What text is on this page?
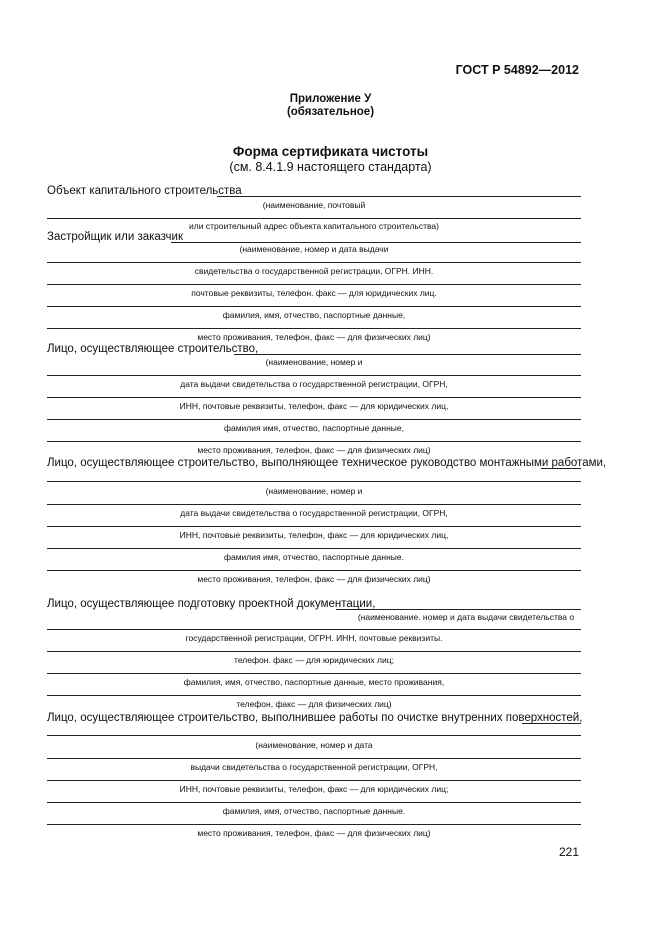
ГОСТ Р 54892—2012
Приложение У
(обязательное)
Форма сертификата чистоты
(см. 8.4.1.9 настоящего стандарта)
Объект капитального строительства
(наименование, почтовый
или строительный адрес объекта капитального строительства)
Застройщик или заказчик
(наименование, номер и дата выдачи
свидетельства о государственной регистрации, ОГРН. ИНН.
почтовые реквизиты, телефон. факс — для юридических лиц.
фамилия, имя, отчество, паспортные данные,
место проживания, телефон, факс — для физических лиц)
Лицо, осуществляющее строительство,
(наименование, номер и
дата выдачи свидетельства о государственной регистрации, ОГРН,
ИНН, почтовые реквизиты, телефон, факс — для юридических лиц,
фамилия имя, отчество, паспортные данные,
место проживания, телефон, факс — для физических лиц)
Лицо, осуществляющее строительство, выполняющее техническое руководство монтажными работами,
(наименование, номер и
дата выдачи свидетельства о государственной регистрации, ОГРН,
ИНН, почтовые реквизиты, телефон, факс — для юридических лиц,
фамилия имя, отчество, паспортные данные.
место проживания, телефон, факс — для физических лиц)
Лицо, осуществляющее подготовку проектной документации,
(наименование. номер и дата выдачи свидетельства о
государственной регистрации, ОГРН. ИНН, почтовые реквизиты.
телефон. факс — для юридических лиц;
фамилия, имя, отчество, паспортные данные, место проживания,
телефон, факс — для физических лиц)
Лицо, осуществляющее строительство, выполнившее работы по очистке внутренних поверхностей,
(наименование, номер и дата
выдачи свидетельства о государственной регистрации, ОГРН,
ИНН, почтовые реквизиты, телефон, факс — для юридических лиц;
фамилия, имя, отчество, паспортные данные.
место проживания, телефон, факс — для физических лиц)
221
